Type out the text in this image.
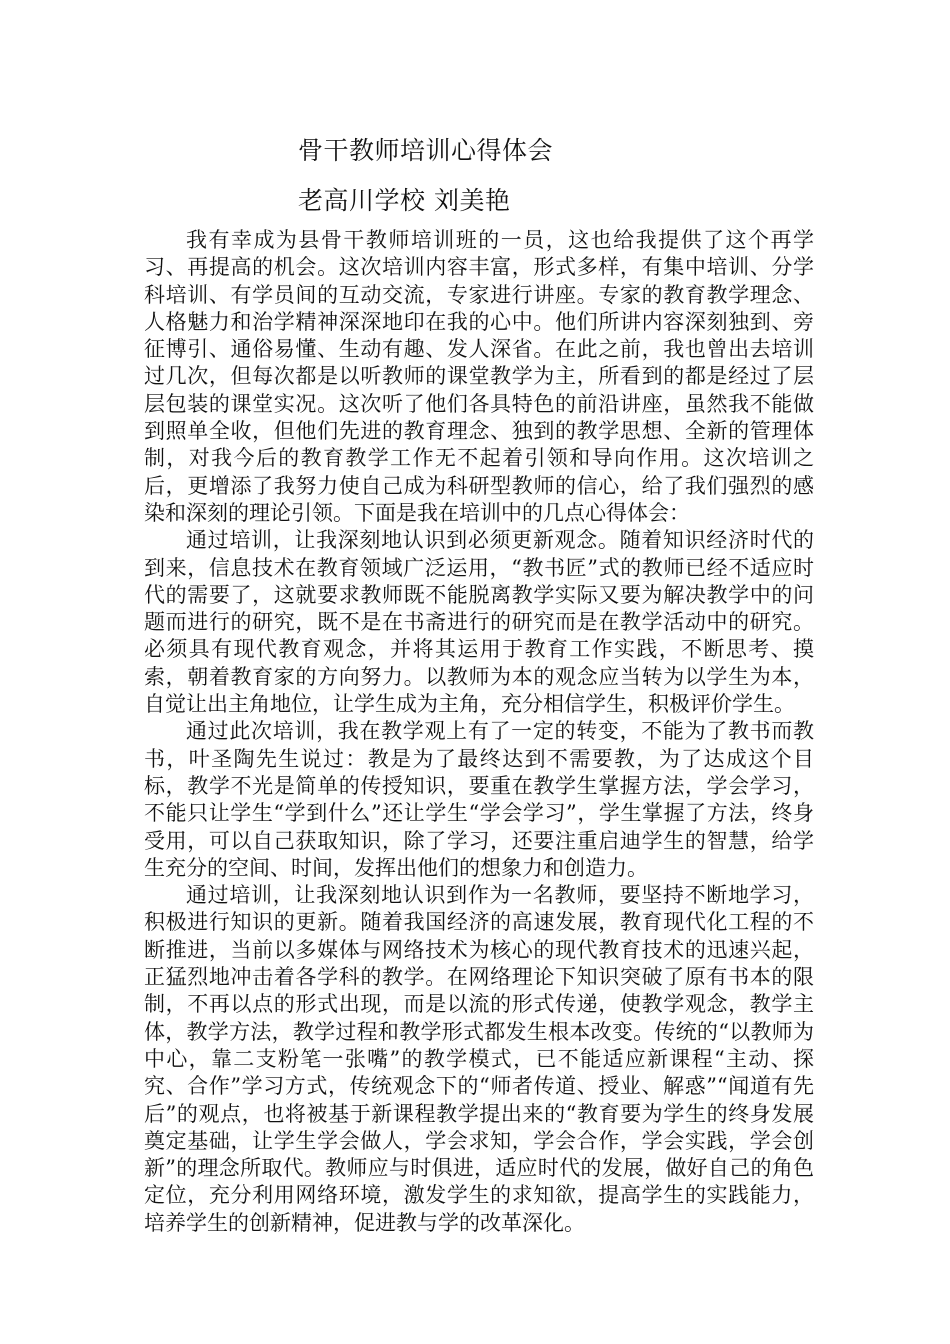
骨干教师培训心得体会
老高川学校 刘美艳

我有幸成为县骨干教师培训班的一员，这也给我提供了这个再学习、再提高的机会。这次培训内容丰富，形式多样，有集中培训、分学科培训、有学员间的互动交流，专家进行讲座。专家的教育教学理念、人格魅力和治学精神深深地印在我的心中。他们所讲内容深刻独到、旁征博引、通俗易懂、生动有趣、发人深省。在此之前，我也曾出去培训过几次，但每次都是以听教师的课堂教学为主，所看到的都是经过了层层包装的课堂实况。这次听了他们各具特色的前沿讲座，虽然我不能做到照单全收，但他们先进的教育理念、独到的教学思想、全新的管理体制，对我今后的教育教学工作无不起着引领和导向作用。这次培训之后，更增添了我努力使自己成为科研型教师的信心，给了我们强烈的感染和深刻的理论引领。下面是我在培训中的几点心得体会：

通过培训，让我深刻地认识到必须更新观念。随着知识经济时代的到来，信息技术在教育领域广泛运用，“教书匠”式的教师已经不适应时代的需要了，这就要求教师既不能脱离教学实际又要为解决教学中的问题而进行的研究，既不是在书斋进行的研究而是在教学活动中的研究。必须具有现代教育观念，并将其运用于教育工作实践，不断思考、摸索，朝着教育家的方向努力。以教师为本的观念应当转为以学生为本，自觉让出主角地位，让学生成为主角，充分相信学生，积极评价学生。

通过此次培训，我在教学观上有了一定的转变，不能为了教书而教书，叶圣陶先生说过：教是为了最终达到不需要教，为了达成这个目标，教学不光是简单的传授知识，要重在教学生掌握方法，学会学习，不能只让学生“学到什么”还让学生“学会学习”，学生掌握了方法，终身受用，可以自己获取知识，除了学习，还要注重启迪学生的智慧，给学生充分的空间、时间，发挥出他们的想象力和创造力。

通过培训，让我深刻地认识到作为一名教师，要坚持不断地学习，积极进行知识的更新。随着我国经济的高速发展，教育现代化工程的不断推进，当前以多媒体与网络技术为核心的现代教育技术的迅速兴起，正猛烈地冲击着各学科的教学。在网络理论下知识突破了原有书本的限制，不再以点的形式出现，而是以流的形式传递，使教学观念，教学主体，教学方法，教学过程和教学形式都发生根本改变。传统的“以教师为中心，靠二支粉笔一张嘴”的教学模式，已不能适应新课程“主动、探究、合作”学习方式，传统观念下的“师者传道、授业、解惑”“闻道有先后”的观点，也将被基于新课程教学提出来的“教育要为学生的终身发展奠定基础，让学生学会做人，学会求知，学会合作，学会实践，学会创新”的理念所取代。教师应与时俱进，适应时代的发展，做好自己的角色定位，充分利用网络环境，激发学生的求知欲，提高学生的实践能力，培养学生的创新精神，促进教与学的改革深化。
